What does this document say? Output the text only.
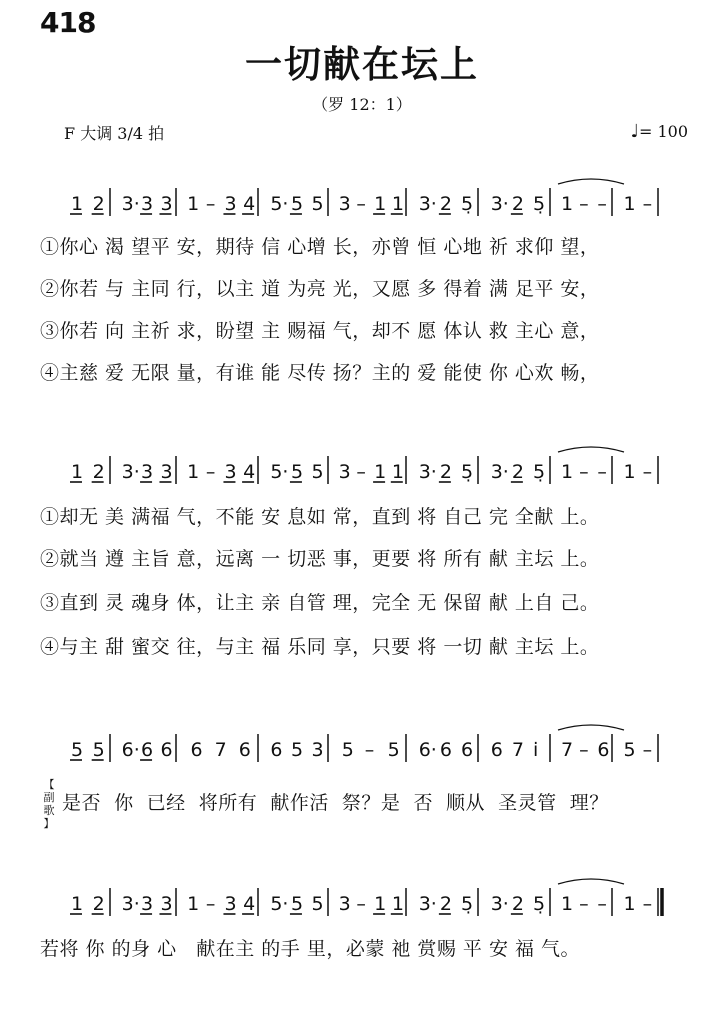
418
一切献在坛上
（罗 12：1）
F 大调 3/4 拍	♩= 100
1 2 3· 3 3 1 – 3 4 5· 5 5 3 – 1 1 3· 2 5̣ 3· 2 5̣ 1 – – 1 –
①你心 渴 望平 安，期待 信 心增 长，亦曾 恒 心地 祈 求仰 望，
②你若 与 主同 行，以主 道 为亮 光，又愿 多 得着 满 足平 安，
③你若 向 主祈 求，盼望 主 赐福 气，却不 愿 体认 救 主心 意，
④主慈 爱 无限 量，有谁 能 尽传 扬？主的 爱 能使 你 心欢 畅，
1 2 3· 3 3 1 – 3 4 5· 5 5 3 – 1 1 3· 2 5̣ 3· 2 5̣ 1 – – 1 –
①却无 美 满福 气，不能 安 息如 常，直到 将 自己 完 全献 上。
②就当 遵 主旨 意，远离 一 切恶 事，更要 将 所有 献 主坛 上。
③直到 灵 魂身 体，让主 亲 自管 理，完全 无 保留 献 上自 己。
④与主 甜 蜜交 往，与主 福 乐同 享，只要 将 一切 献 主坛 上。
5 5 6· 6 6 6 7 6 6 5 3 5 – 5 6· 6 6 6 7 i̇ 7 – 6 5 –
【
副
歌
】
是否  你  已经  将所有  献作活  祭？是  否  顺从  圣灵管  理？
1 2 3· 3 3 1 – 3 4 5· 5 5 3 – 1 1 3· 2 5̣ 3· 2 5̣ 1 – – 1 –
若将 你 的身 心   献在主 的手 里，必蒙 祂 赏赐 平 安 福 气。
